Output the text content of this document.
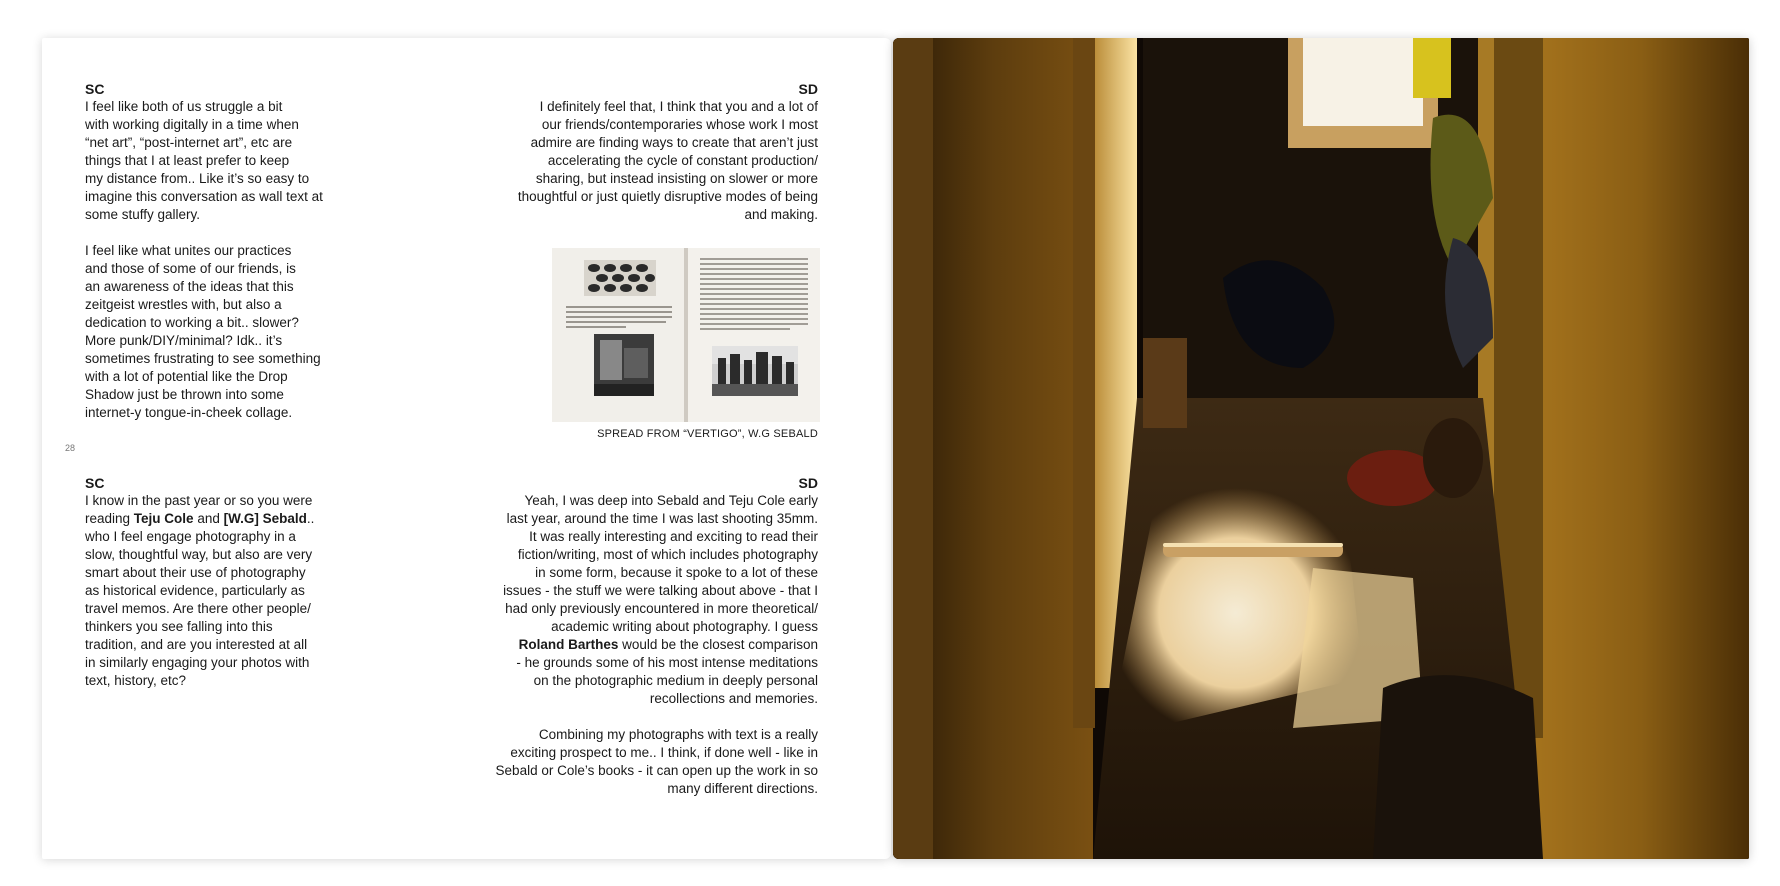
SC

I feel like both of us struggle a bit
with working digitally in a time when
“net art”, “post-internet art”, etc are
things that I at least prefer to keep
my distance from.. Like it’s so easy to
imagine this conversation as wall text at
some stuffy gallery.

I feel like what unites our practices
and those of some of our friends, is
an awareness of the ideas that this
zeitgeist wrestles with, but also a
dedication to working a bit.. slower?
More punk/DIY/minimal? Idk.. it’s
sometimes frustrating to see something
with a lot of potential like the Drop
Shadow just be thrown into some
internet-y tongue-in-cheek collage.

SD

I definitely feel that, I think that you and a lot of
our friends/contemporaries whose work I most
admire are finding ways to create that aren’t just
accelerating the cycle of constant production/
sharing, but instead insisting on slower or more
thoughtful or just quietly disruptive modes of being
and making.

SPREAD FROM “VERTIGO”, W.G SEBALD
28
SC

I know in the past year or so you were
reading Teju Cole and [W.G] Sebald..
who I feel engage photography in a
slow, thoughtful way, but also are very
smart about their use of photography
as historical evidence, particularly as
travel memos. Are there other people/
thinkers you see falling into this
tradition, and are you interested at all
in similarly engaging your photos with
text, history, etc?

SD

Yeah, I was deep into Sebald and Teju Cole early
last year, around the time I was last shooting 35mm.
It was really interesting and exciting to read their
fiction/writing, most of which includes photography
in some form, because it spoke to a lot of these
issues - the stuff we were talking about above - that I
had only previously encountered in more theoretical/
academic writing about photography. I guess
Roland Barthes would be the closest comparison
- he grounds some of his most intense meditations
on the photographic medium in deeply personal
recollections and memories.

Combining my photographs with text is a really
exciting prospect to me.. I think, if done well - like in
Sebald or Cole’s books - it can open up the work in so
many different directions.
